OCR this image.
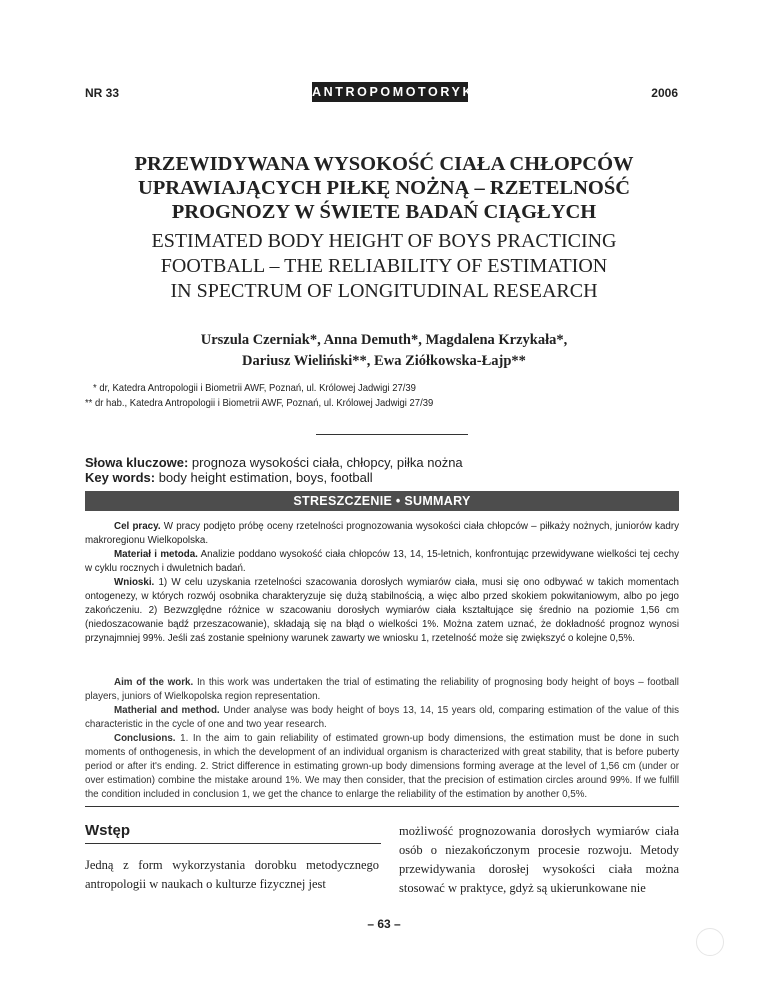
NR 33	ANTROPOMOTORYKA	2006
PRZEWIDYWANA WYSOKOŚĆ CIAŁA CHŁOPCÓW
UPRAWIAJĄCYCH PIŁKĘ NOŻNĄ – RZETELNOŚĆ
PROGNOZY W ŚWIETE BADAŃ CIĄGŁYCH
ESTIMATED BODY HEIGHT OF BOYS PRACTICING
FOOTBALL – THE RELIABILITY OF ESTIMATION
IN SPECTRUM OF LONGITUDINAL RESEARCH
Urszula Czerniak*, Anna Demuth*, Magdalena Krzykała*,
Dariusz Wieliński**, Ewa Ziółkowska-Łajp**
* dr, Katedra Antropologii i Biometrii AWF, Poznań, ul. Królowej Jadwigi 27/39
** dr hab., Katedra Antropologii i Biometrii AWF, Poznań, ul. Królowej Jadwigi 27/39
Słowa kluczowe: prognoza wysokości ciała, chłopcy, piłka nożna
Key words: body height estimation, boys, football
STRESZCZENIE • SUMMARY

Cel pracy. W pracy podjęto próbę oceny rzetelności prognozowania wysokości ciała chłopców – piłkaży nożnych, juniorów kadry makroregionu Wielkopolska.

Materiał i metoda. Analizie poddano wysokość ciała chłopców 13, 14, 15-letnich, konfrontując przewidywane wielkości tej cechy w cyklu rocznych i dwuletnich badań.

Wnioski. 1) W celu uzyskania rzetelności szacowania dorosłych wymiarów ciała, musi się ono odbywać w takich momentach ontogenezy, w których rozwój osobnika charakteryzuje się dużą stabilnością, a więc albo przed skokiem pokwitaniowym, albo po jego zakończeniu. 2) Bezwzględne różnice w szacowaniu dorosłych wymiarów ciała kształtujące się średnio na poziomie 1,56 cm (niedoszacowanie bądź przeszacowanie), składają się na błąd o wielkości 1%. Można zatem uznać, że dokładność prognoz wynosi przynajmniej 99%. Jeśli zaś zostanie spełniony warunek zawarty we wniosku 1, rzetelność może się zwiększyć o kolejne 0,5%.

Aim of the work. In this work was undertaken the trial of estimating the reliability of prognosing body height of boys – football players, juniors of Wielkopolska region representation.

Matherial and method. Under analyse was body height of boys 13, 14, 15 years old, comparing estimation of the value of this characteristic in the cycle of one and two year research.

Conclusions. 1. In the aim to gain reliability of estimated grown-up body dimensions, the estimation must be done in such moments of onthogenesis, in which the development of an individual organism is characterized with great stability, that is before puberty period or after it's ending. 2. Strict difference in estimating grown-up body dimensions forming average at the level of 1,56 cm (under or over estimation) combine the mistake around 1%. We may then consider, that the precision of estimation circles around 99%. If we fulfill the condition included in conclusion 1, we get the chance to enlarge the reliability of the estimation by another 0,5%.

Wstęp

Jedną z form wykorzystania dorobku metodycznego antropologii w naukach o kulturze fizycznej jest

możliwość prognozowania dorosłych wymiarów ciała osób o niezakończonym procesie rozwoju. Metody przewidywania dorosłej wysokości ciała można stosować w praktyce, gdyż są ukierunkowane nie

– 63 –
